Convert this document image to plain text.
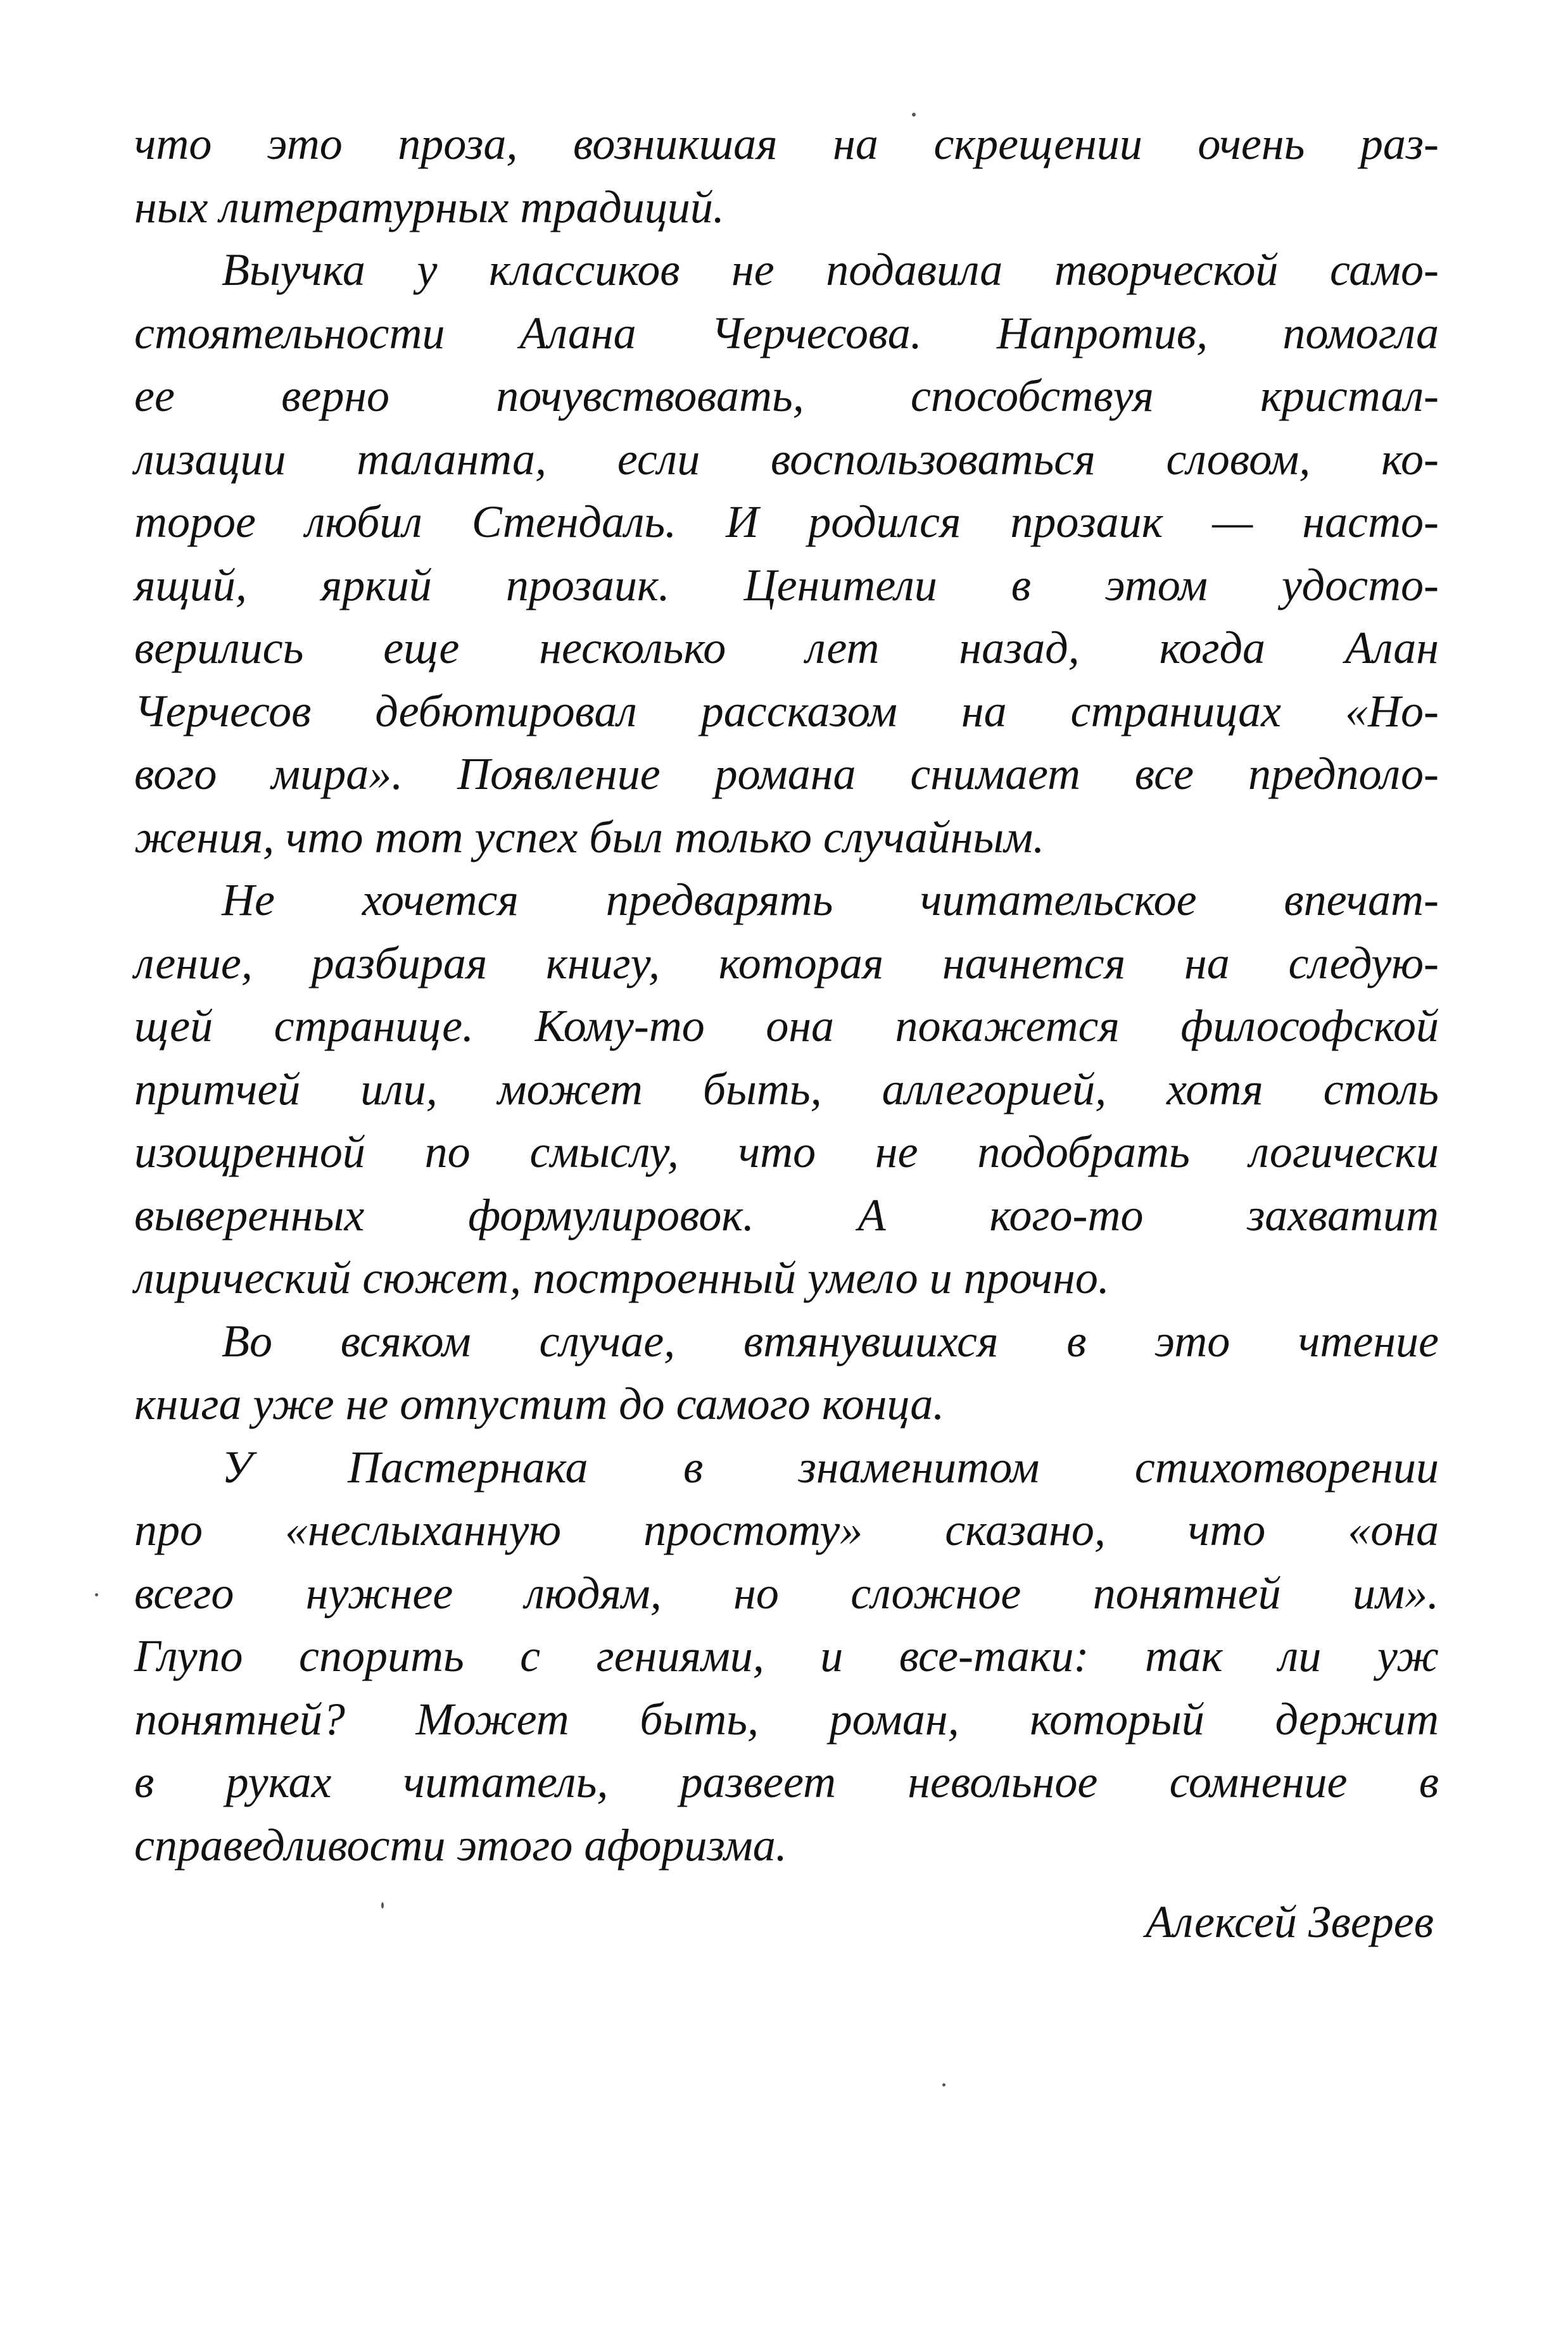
что это проза, возникшая на скрещении очень раз-
ных литературных традиций.
Выучка у классиков не подавила творческой само-
стоятельности Алана Черчесова. Напротив, помогла
ее верно почувствовать, способствуя кристал-
лизации таланта, если воспользоваться словом, ко-
торое любил Стендаль. И родился прозаик — насто-
ящий, яркий прозаик. Ценители в этом удосто-
верились еще несколько лет назад, когда Алан
Черчесов дебютировал рассказом на страницах «Но-
вого мира». Появление романа снимает все предполо-
жения, что тот успех был только случайным.
Не хочется предварять читательское впечат-
ление, разбирая книгу, которая начнется на следую-
щей странице. Кому-то она покажется философской
притчей или, может быть, аллегорией, хотя столь
изощренной по смыслу, что не подобрать логически
выверенных формулировок. А кого-то захватит
лирический сюжет, построенный умело и прочно.
Во всяком случае, втянувшихся в это чтение
книга уже не отпустит до самого конца.
У Пастернака в знаменитом стихотворении
про «неслыханную простоту» сказано, что «она
всего нужнее людям, но сложное понятней им».
Глупо спорить с гениями, и все-таки: так ли уж
понятней? Может быть, роман, который держит
в руках читатель, развеет невольное сомнение в
справедливости этого афоризма.
Алексей Зверев
